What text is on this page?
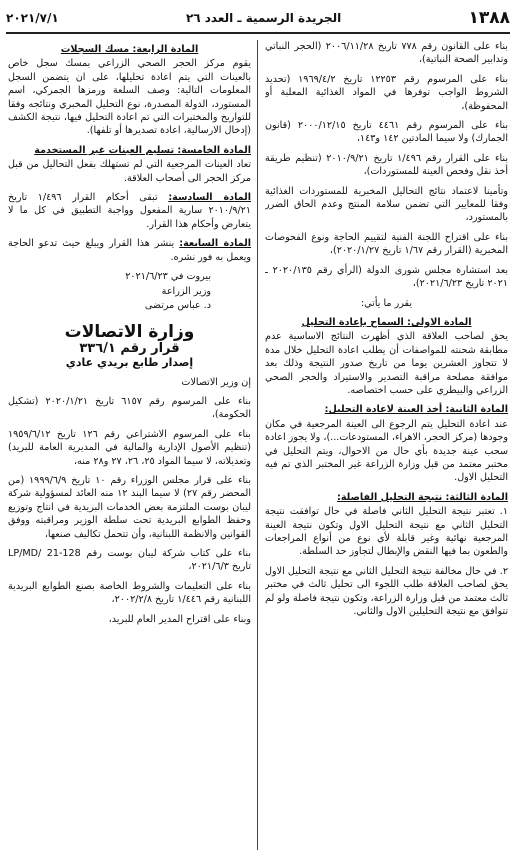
٢٠٢١/٧/١	الجريدة الرسمية ـ العدد ٢٦	١٣٨٨

بناء على القانون رقم ٧٧٨ تاريخ ٢٠٠٦/١١/٢٨ (الحجر النباتي وتدابير الصحة النباتية)،

بناء على المرسوم رقم ١٢٢٥٣ تاريخ ١٩٦٩/٤/٢ (تحديد الشروط الواجب توفرها في المواد الغذائية المعلبة أو المحفوظة)،

بناء على المرسوم رقم ٤٤٦١ تاريخ ٢٠٠٠/١٢/١٥ (قانون الجمارك) ولا سيما المادتين ١٤٢ و١٤٣،

بناء على القرار رقم ١/٤٩٦ تاريخ ٢٠١٠/٩/٢١ (تنظيم طريقة أخذ نقل وفحص العينة للمستوردات)،

وتأمينا لاعتماد نتائج التحاليل المخبرية للمستوردات الغذائية وفقا للمعايير التي تضمن سلامة المنتج وعدم الحاق الضرر بالمستورد،

بناء على اقتراح اللجنة الفنية لتقييم الحاجة ونوع الفحوصات المخبرية (القرار رقم ١/٦٧ تاريخ ٢٠٢٠/١/٢٧)،

بعد استشارة مجلس شورى الدولة (الرأي رقم ٢٠٢٠/١٣٥ ـ ٢٠٢١ تاريخ ٢٠٢١/٦/٢٣)،

يقرر ما يأتي:

المادة الاولى: السماح بإعادة التحليل

يحق لصاحب العلاقة الذي أظهرت النتائج الاساسية عدم مطابقة شحنته للمواصفات أن يطلب اعادة التحليل خلال مدة لا تتجاوز العشرين يوما من تاريخ صدور النتيجة وذلك بعد موافقة مصلحة مراقبة التصدير والاستيراد والحجر الصحي الزراعي والبيطري على حسب اختصاصه.

المادة الثانية: أخذ العينة لاعادة التحليل:

عند اعادة التحليل يتم الرجوع الى العينة المرجعية في مكان وجودها (مركز الحجر، الاهراء، المستودعات...)، ولا يجوز اعادة سحب عينة جديدة بأي حال من الاحوال، ويتم التحليل في مختبر معتمد من قبل وزارة الزراعة غير المختبر الذي تم فيه التحليل الاول.

المادة الثالثة: نتيجة التحليل الفاصلة:

١. تعتبر نتيجة التحليل الثاني فاصلة في حال توافقت نتيجة التحليل الثاني مع نتيجة التحليل الاول وتكون نتيجة العينة المرجعية نهائية وغير قابلة لأي نوع من أنواع المراجعات والطعون بما فيها النقض والإبطال لتجاوز حد السلطة.

٢. في حال مخالفة نتيجة التحليل الثاني مع نتيجة التحليل الاول يحق لصاحب العلاقة طلب اللجوء الى تحليل ثالث في مختبر ثالث معتمد من قبل وزارة الزراعة، وتكون نتيجة فاصلة ولو لم تتوافق مع نتيجة التحليلين الاول والثاني.

المادة الرابعة: مسك السجلات

يقوم مركز الحجر الصحي الزراعي بمسك سجل خاص بالعينات التي يتم اعادة تحليلها، على ان يتضمن السجل المعلومات التالية: وصف السلعة ورمزها الجمركي، اسم المستورد، الدولة المصدرة، نوع التحليل المخبري ونتائجه وفقا للتواريخ والمختبرات التي تم اعادة التحليل فيها، نتيجة الكشف (إدخال الارسالية، اعادة تصديرها أو تلفها).

المادة الخامسة: تسليم العينات غير المستخدمة

تعاد العينات المرجعية التي لم تستهلك بفعل التحاليل من قبل مركز الحجر الى أصحاب العلاقة.

المادة السادسة: تبقى أحكام القرار ١/٤٩٦ تاريخ ٢٠١٠/٩/٢١ سارية المفعول وواجبة التطبيق في كل ما لا يتعارض وأحكام هذا القرار.

المادة السابعة: ينشر هذا القرار ويبلغ حيث تدعو الحاجة ويعمل به فور نشره.

بيروت في ٢٠٢١/٦/٢٣

وزير الزراعة

د. عباس مرتضى

وزارة الاتصالات

قرار رقم ٣٣٦/١

إصدار طابع بريدي عادي

إن وزير الاتصالات

بناء على المرسوم رقم ٦١٥٧ تاريخ ٢٠٢٠/١/٢١ (تشكيل الحكومة)،

بناء على المرسوم الاشتراعي رقم ١٢٦ تاريخ ١٩٥٩/٦/١٢ (تنظيم الأصول الإدارية والمالية في المديرية العامة للبريد) وتعديلاته، لا سيما المواد ٢٥، ٢٦، ٢٧ و٢٨ منه،

بناء على قرار مجلس الوزراء رقم ١٠ تاريخ ١٩٩٩/٦/٩ (من المحضر رقم ٢٧) لا سيما البند ١٢ منه العائد لمسؤولية شركة ليبان بوست الملتزمة بعض الخدمات البريدية في انتاج وتوزيع وحفظ الطوابع البريدية تحت سلطة الوزير ومراقبته ووفق القوانين والانظمة اللبنانية، وأن تتحمل تكاليف صنعها،

بناء على كتاب شركة ليبان بوست رقم LP/MD/ 21-128 تاريخ ٢٠٢١/٦/٣،

بناء على التعليمات والشروط الخاصة بصنع الطوابع البريدية اللبنانية رقم ١/٤٤٦ تاريخ ٢٠٠٢/٢/٨،

وبناء على اقتراح المدير العام للبريد،
